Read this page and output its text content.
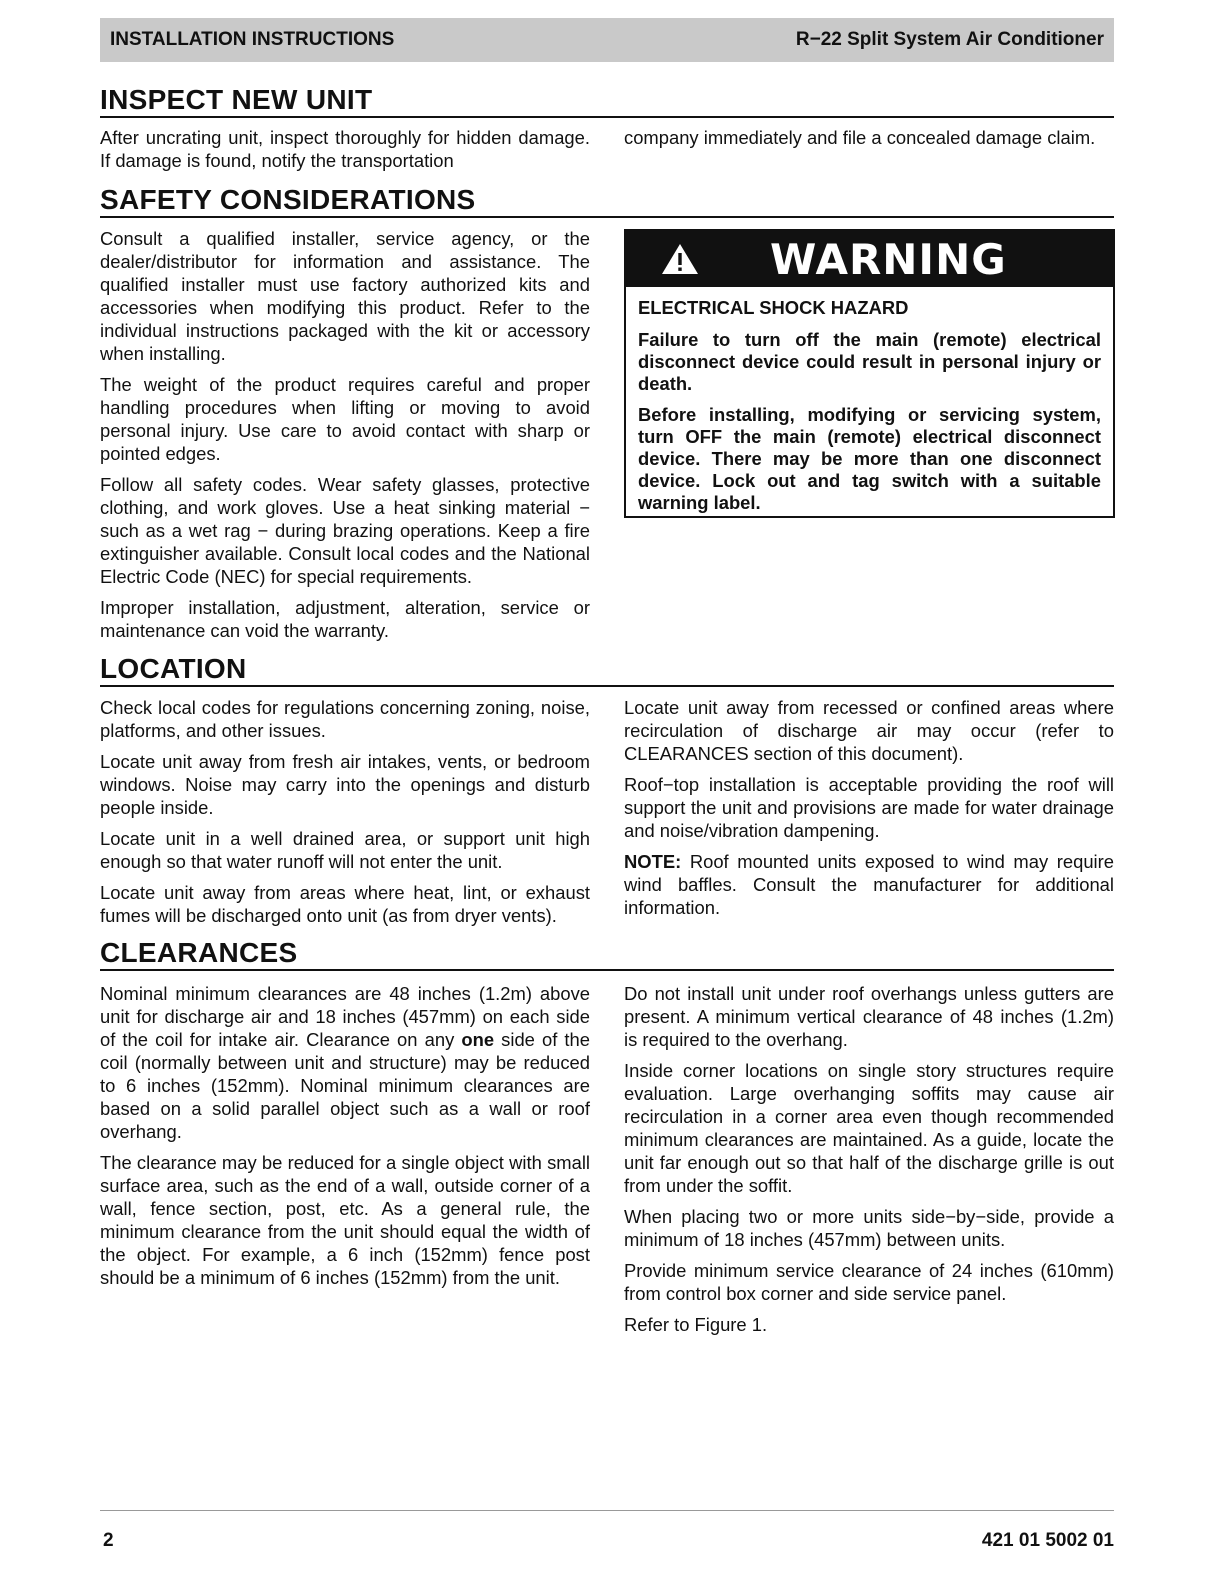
INSTALLATION INSTRUCTIONS	R−22 Split System Air Conditioner
INSPECT NEW UNIT

After uncrating unit, inspect thoroughly for hidden damage. If damage is found, notify the transportation

company immediately and file a concealed damage claim.

SAFETY CONSIDERATIONS

Consult a qualified installer, service agency, or the dealer/distributor for information and assistance. The qualified installer must use factory authorized kits and accessories when modifying this product. Refer to the individual instructions packaged with the kit or accessory when installing.

The weight of the product requires careful and proper handling procedures when lifting or moving to avoid personal injury. Use care to avoid contact with sharp or pointed edges.

Follow all safety codes. Wear safety glasses, protective clothing, and work gloves. Use a heat sinking material − such as a wet rag − during brazing operations. Keep a fire extinguisher available. Consult local codes and the National Electric Code (NEC) for special requirements.

Improper installation, adjustment, alteration, service or maintenance can void the warranty.

WARNING

ELECTRICAL SHOCK HAZARD

Failure to turn off the main (remote) electrical disconnect device could result in personal injury or death.

Before installing, modifying or servicing system, turn OFF the main (remote) electrical disconnect device. There may be more than one disconnect device. Lock out and tag switch with a suitable warning label.

LOCATION

Check local codes for regulations concerning zoning, noise, platforms, and other issues.

Locate unit away from fresh air intakes, vents, or bedroom windows. Noise may carry into the openings and disturb people inside.

Locate unit in a well drained area, or support unit high enough so that water runoff will not enter the unit.

Locate unit away from areas where heat, lint, or exhaust fumes will be discharged onto unit (as from dryer vents).

Locate unit away from recessed or confined areas where recirculation of discharge air may occur (refer to CLEARANCES section of this document).

Roof−top installation is acceptable providing the roof will support the unit and provisions are made for water drainage and noise/vibration dampening.

NOTE: Roof mounted units exposed to wind may require wind baffles. Consult the manufacturer for additional information.

CLEARANCES

Nominal minimum clearances are 48 inches (1.2m) above unit for discharge air and 18 inches (457mm) on each side of the coil for intake air. Clearance on any one side of the coil (normally between unit and structure) may be reduced to 6 inches (152mm). Nominal minimum clearances are based on a solid parallel object such as a wall or roof overhang.

The clearance may be reduced for a single object with small surface area, such as the end of a wall, outside corner of a wall, fence section, post, etc. As a general rule, the minimum clearance from the unit should equal the width of the object. For example, a 6 inch (152mm) fence post should be a minimum of 6 inches (152mm) from the unit.

Do not install unit under roof overhangs unless gutters are present. A minimum vertical clearance of 48 inches (1.2m) is required to the overhang.

Inside corner locations on single story structures require evaluation. Large overhanging soffits may cause air recirculation in a corner area even though recommended minimum clearances are maintained. As a guide, locate the unit far enough out so that half of the discharge grille is out from under the soffit.

When placing two or more units side−by−side, provide a minimum of 18 inches (457mm) between units.

Provide minimum service clearance of 24 inches (610mm) from control box corner and side service panel.

Refer to Figure 1.

2	421 01 5002 01
